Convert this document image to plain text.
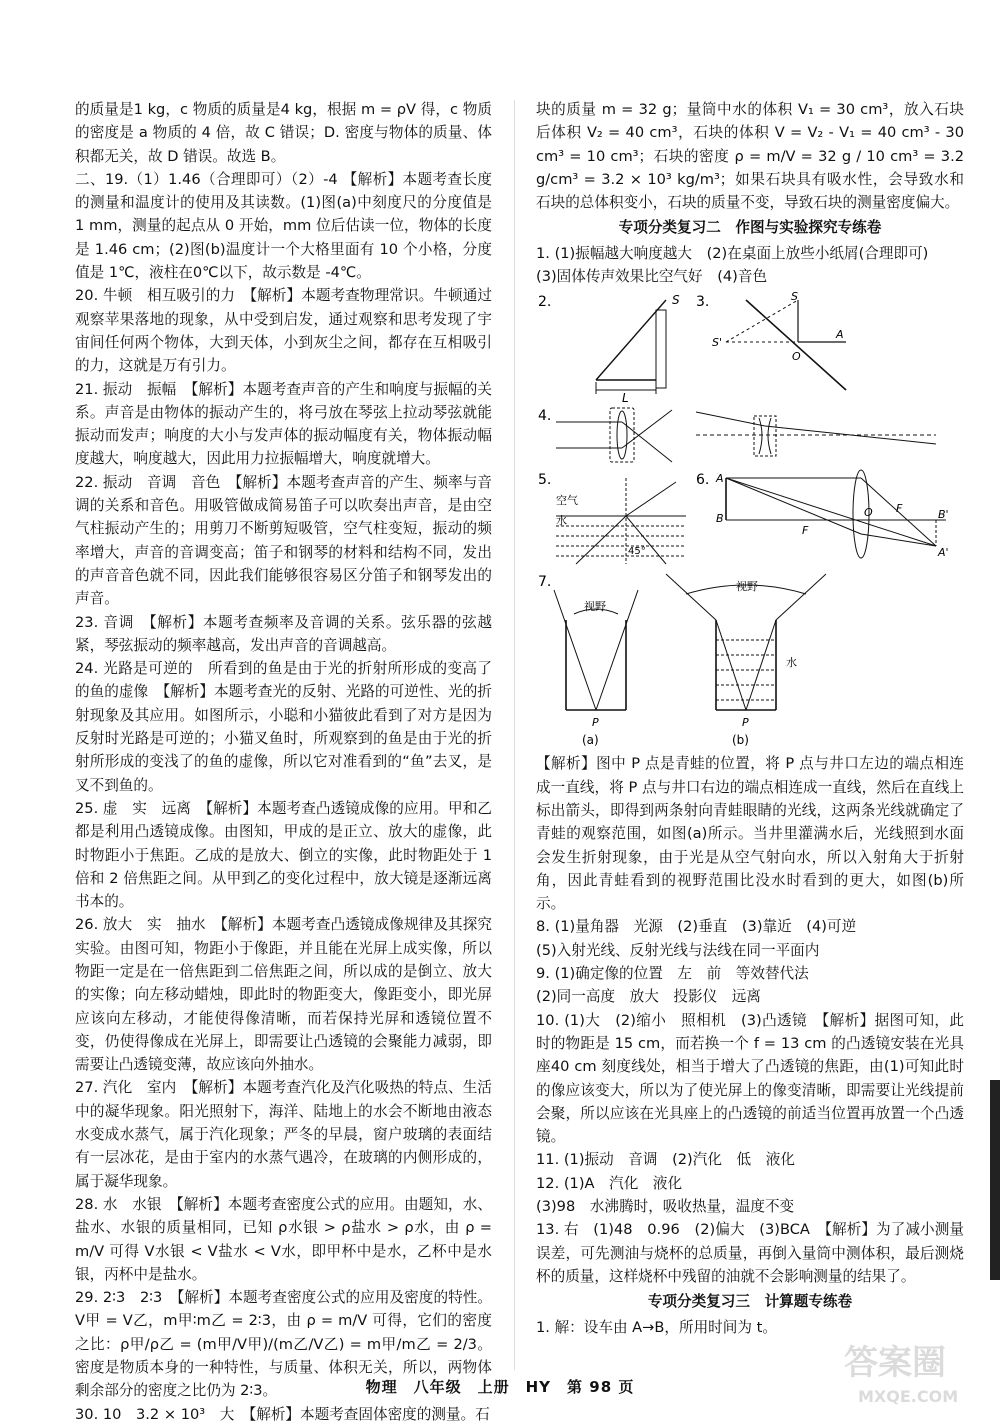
的质量是1 kg，c 物质的质量是4 kg，根据 m = ρV 得，c 物质的密度是 a 物质的 4 倍，故 C 错误；D. 密度与物体的质量、体积都无关，故 D 错误。故选 B。

二、19.（1）1.46（合理即可）（2）-4 【解析】本题考查长度的测量和温度计的使用及其读数。(1)图(a)中刻度尺的分度值是 1 mm，测量的起点从 0 开始，mm 位后估读一位，物体的长度是 1.46 cm；(2)图(b)温度计一个大格里面有 10 个小格，分度值是 1℃，液柱在0℃以下，故示数是 -4℃。

20. 牛顿　相互吸引的力　【解析】本题考查物理常识。牛顿通过观察苹果落地的现象，从中受到启发，通过观察和思考发现了宇宙间任何两个物体，大到天体，小到灰尘之间，都存在互相吸引的力，这就是万有引力。

21. 振动　振幅　【解析】本题考查声音的产生和响度与振幅的关系。声音是由物体的振动产生的，将弓放在琴弦上拉动琴弦就能振动而发声；响度的大小与发声体的振动幅度有关，物体振动幅度越大，响度越大，因此用力拉振幅增大，响度就增大。

22. 振动　音调　音色　【解析】本题考查声音的产生、频率与音调的关系和音色。用吸管做成简易笛子可以吹奏出声音，是由空气柱振动产生的；用剪刀不断剪短吸管，空气柱变短，振动的频率增大，声音的音调变高；笛子和钢琴的材料和结构不同，发出的声音音色就不同，因此我们能够很容易区分笛子和钢琴发出的声音。

23. 音调　【解析】本题考查频率及音调的关系。弦乐器的弦越紧，琴弦振动的频率越高，发出声音的音调越高。

24. 光路是可逆的　所看到的鱼是由于光的折射所形成的变高了的鱼的虚像　【解析】本题考查光的反射、光路的可逆性、光的折射现象及其应用。如图所示，小聪和小猫彼此看到了对方是因为反射时光路是可逆的；小猫叉鱼时，所观察到的鱼是由于光的折射所形成的变浅了的鱼的虚像，所以它对准看到的“鱼”去叉，是叉不到鱼的。

25. 虚　实　远离　【解析】本题考查凸透镜成像的应用。甲和乙都是利用凸透镜成像。由图知，甲成的是正立、放大的虚像，此时物距小于焦距。乙成的是放大、倒立的实像，此时物距处于 1 倍和 2 倍焦距之间。从甲到乙的变化过程中，放大镜是逐渐远离书本的。

26. 放大　实　抽水　【解析】本题考查凸透镜成像规律及其探究实验。由图可知，物距小于像距，并且能在光屏上成实像，所以物距一定是在一倍焦距到二倍焦距之间，所以成的是倒立、放大的实像；向左移动蜡烛，即此时的物距变大，像距变小，即光屏应该向左移动，才能使得像清晰，而若保持光屏和透镜位置不变，仍使得像成在光屏上，即需要让凸透镜的会聚能力减弱，即需要让凸透镜变薄，故应该向外抽水。

27. 汽化　室内　【解析】本题考查汽化及汽化吸热的特点、生活中的凝华现象。阳光照射下，海洋、陆地上的水会不断地由液态水变成水蒸气，属于汽化现象；严冬的早晨，窗户玻璃的表面结有一层冰花，是由于室内的水蒸气遇冷，在玻璃的内侧形成的，属于凝华现象。

28. 水　水银　【解析】本题考查密度公式的应用。由题知，水、盐水、水银的质量相同，已知 ρ水银 > ρ盐水 > ρ水，由 ρ = m/V 可得 V水银 < V盐水 < V水，即甲杯中是水，乙杯中是水银，丙杯中是盐水。

29. 2∶3　2∶3　【解析】本题考查密度公式的应用及密度的特性。V甲 = V乙，m甲∶m乙 = 2∶3，由 ρ = m/V 可得，它们的密度之比：ρ甲/ρ乙 = (m甲/V甲)/(m乙/V乙) = m甲/m乙 = 2/3。密度是物质本身的一种特性，与质量、体积无关，所以，两物体剩余部分的密度之比仍为 2∶3。

30. 10　3.2 × 10³　大　【解析】本题考查固体密度的测量。石

块的质量 m = 32 g；量筒中水的体积 V₁ = 30 cm³，放入石块后体积 V₂ = 40 cm³，石块的体积 V = V₂ - V₁ = 40 cm³ - 30 cm³ = 10 cm³；石块的密度 ρ = m/V = 32 g / 10 cm³ = 3.2 g/cm³ = 3.2 × 10³ kg/m³；如果石块具有吸水性，会导致水和石块的总体积变小，石块的质量不变，导致石块的测量密度偏大。

专项分类复习二　作图与实验探究专练卷

1. (1)振幅越大响度越大　(2)在桌面上放些小纸屑(合理即可)
(3)固体传声效果比空气好　(4)音色

2.	S
L
3.	S
S'
O
A
4.
5.
空气
水
45°
6. A
B
F
O F	B'
A'
7.
视野
P
(a)
视野
水
P
(b)

【解析】图中 P 点是青蛙的位置，将 P 点与井口左边的端点相连成一直线，将 P 点与井口右边的端点相连成一直线，然后在直线上标出箭头，即得到两条射向青蛙眼睛的光线，这两条光线就确定了青蛙的观察范围，如图(a)所示。当井里灌满水后，光线照到水面会发生折射现象，由于光是从空气射向水，所以入射角大于折射角，因此青蛙看到的视野范围比没水时看到的更大，如图(b)所示。

8. (1)量角器　光源　(2)垂直　(3)靠近　(4)可逆

(5)入射光线、反射光线与法线在同一平面内

9. (1)确定像的位置　左　前　等效替代法

(2)同一高度　放大　投影仪　远离

10. (1)大　(2)缩小　照相机　(3)凸透镜　【解析】据图可知，此时的物距是 15 cm，而若换一个 f = 13 cm 的凸透镜安装在光具座40 cm 刻度线处，相当于增大了凸透镜的焦距，由(1)可知此时的像应该变大，所以为了使光屏上的像变清晰，即需要让光线提前会聚，所以应该在光具座上的凸透镜的前适当位置再放置一个凸透镜。

11. (1)振动　音调　(2)汽化　低　液化

12. (1)A　汽化　液化

(3)98　水沸腾时，吸收热量，温度不变

13. 右　(1)48　0.96　(2)偏大　(3)BCA　【解析】为了减小测量误差，可先测油与烧杯的总质量，再倒入量筒中测体积，最后测烧杯的质量，这样烧杯中残留的油就不会影响测量的结果了。

专项分类复习三　计算题专练卷

1. 解：设车由 A→B，所用时间为 t。

物理　八年级　上册　HY　第 98 页
答案圈
MXQE.COM
